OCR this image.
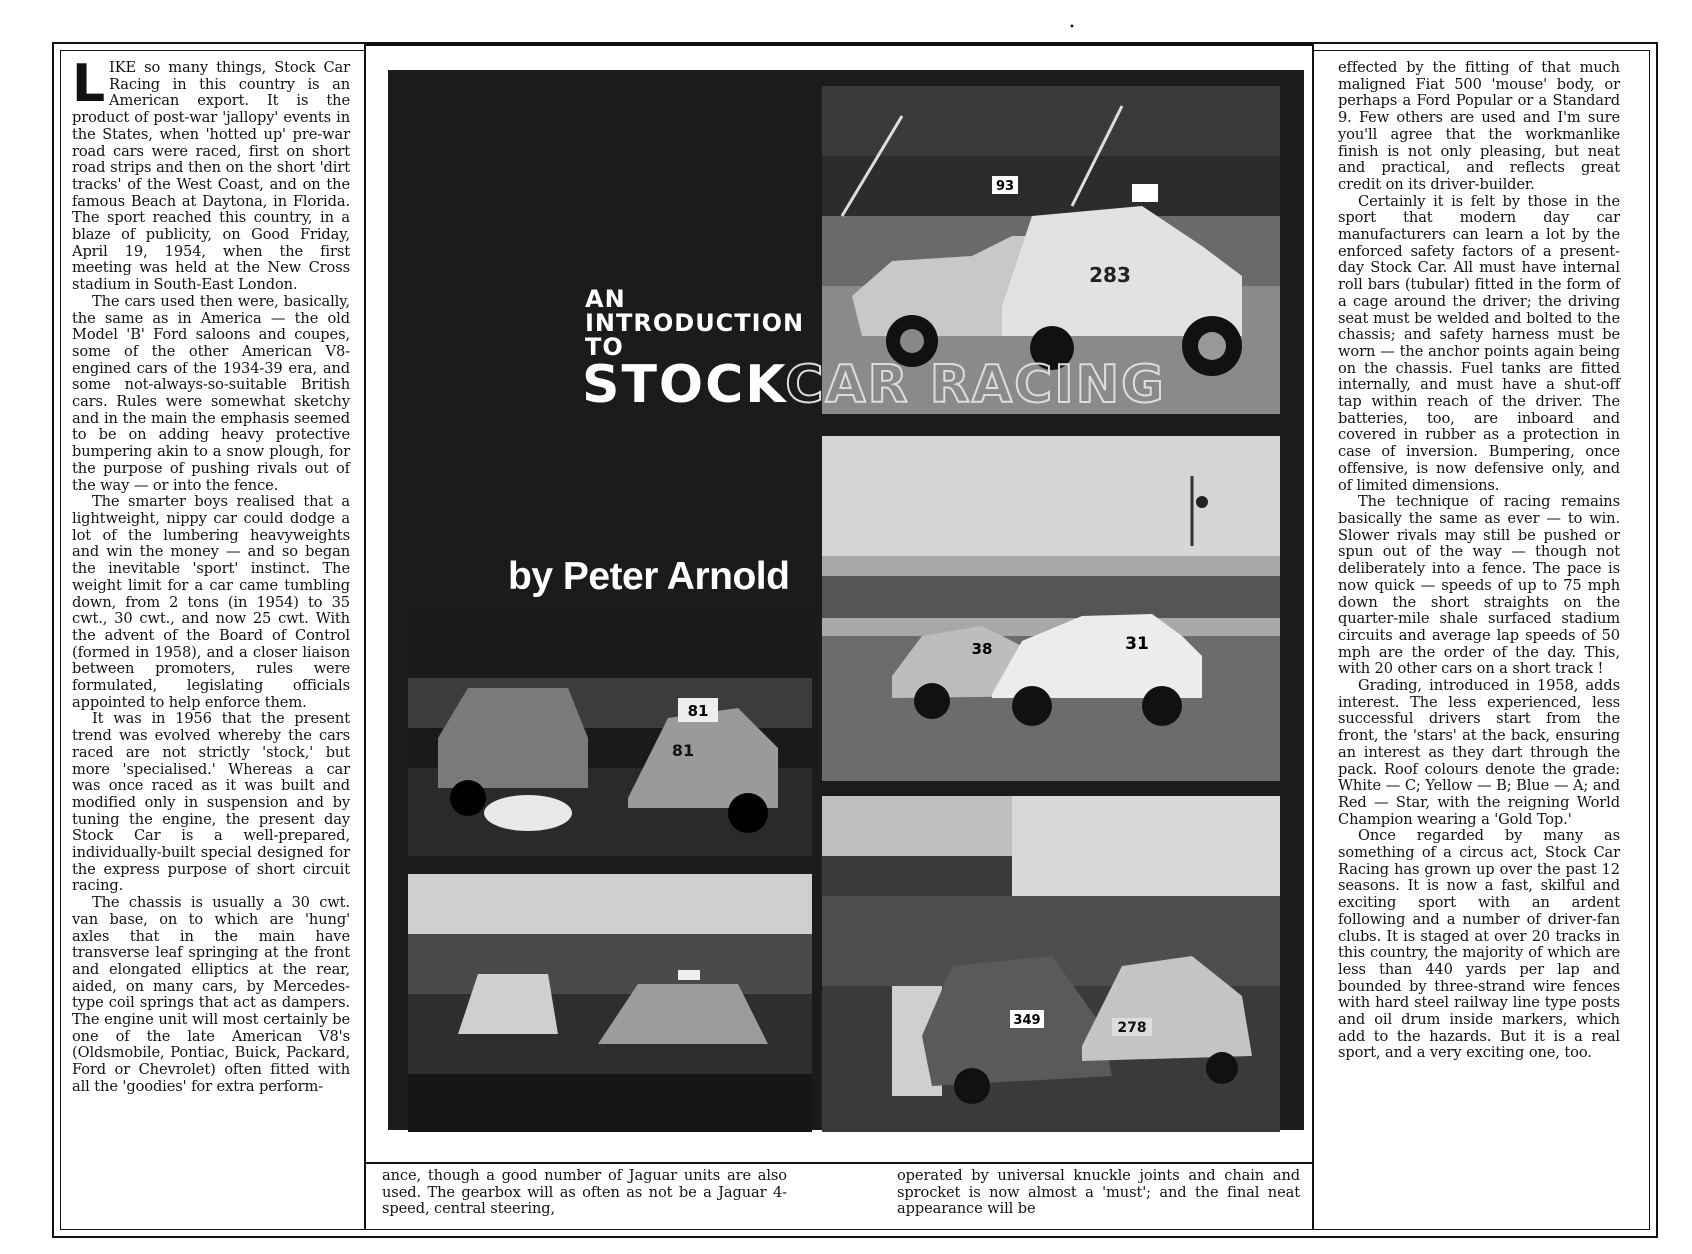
•

LIKE so many things, Stock Car Racing in this country is an American export. It is the product of post-war 'jallopy' events in the States, when 'hotted up' pre-war road cars were raced, first on short road strips and then on the short 'dirt tracks' of the West Coast, and on the famous Beach at Daytona, in Florida. The sport reached this country, in a blaze of publicity, on Good Friday, April 19, 1954, when the first meeting was held at the New Cross stadium in South-East London.

The cars used then were, basically, the same as in America — the old Model 'B' Ford saloons and coupes, some of the other American V8-engined cars of the 1934-39 era, and some not-always-so-suitable British cars. Rules were somewhat sketchy and in the main the emphasis seemed to be on adding heavy protective bumpering akin to a snow plough, for the purpose of pushing rivals out of the way — or into the fence.

The smarter boys realised that a lightweight, nippy car could dodge a lot of the lumbering heavyweights and win the money — and so began the inevitable 'sport' instinct. The weight limit for a car came tumbling down, from 2 tons (in 1954) to 35 cwt., 30 cwt., and now 25 cwt. With the advent of the Board of Control (formed in 1958), and a closer liaison between promoters, rules were formulated, legislating officials appointed to help enforce them.

It was in 1956 that the present trend was evolved whereby the cars raced are not strictly 'stock,' but more 'specialised.' Whereas a car was once raced as it was built and modified only in suspension and by tuning the engine, the present day Stock Car is a well-prepared, individually-built special designed for the express purpose of short circuit racing.

The chassis is usually a 30 cwt. van base, on to which are 'hung' axles that in the main have transverse leaf springing at the front and elongated elliptics at the rear, aided, on many cars, by Mercedes-type coil springs that act as dampers. The engine unit will most certainly be one of the late American V8's (Oldsmobile, Pontiac, Buick, Packard, Ford or Chevrolet) often fitted with all the 'goodies' for extra perform-

93
283
AN
INTRODUCTION
TO
STOCKCAR RACING
by Peter Arnold
38	31
81
81
349	278

ance, though a good number of Jaguar units are also used. The gearbox will as often as not be a Jaguar 4-speed, central steering,

operated by universal knuckle joints and chain and sprocket is now almost a 'must'; and the final neat appearance will be

effected by the fitting of that much maligned Fiat 500 'mouse' body, or perhaps a Ford Popular or a Standard 9. Few others are used and I'm sure you'll agree that the workmanlike finish is not only pleasing, but neat and practical, and reflects great credit on its driver-builder.

Certainly it is felt by those in the sport that modern day car manufacturers can learn a lot by the enforced safety factors of a present-day Stock Car. All must have internal roll bars (tubular) fitted in the form of a cage around the driver; the driving seat must be welded and bolted to the chassis; and safety harness must be worn — the anchor points again being on the chassis. Fuel tanks are fitted internally, and must have a shut-off tap within reach of the driver. The batteries, too, are inboard and covered in rubber as a protection in case of inversion. Bumpering, once offensive, is now defensive only, and of limited dimensions.

The technique of racing remains basically the same as ever — to win. Slower rivals may still be pushed or spun out of the way — though not deliberately into a fence. The pace is now quick — speeds of up to 75 mph down the short straights on the quarter-mile shale surfaced stadium circuits and average lap speeds of 50 mph are the order of the day. This, with 20 other cars on a short track !

Grading, introduced in 1958, adds interest. The less experienced, less successful drivers start from the front, the 'stars' at the back, ensuring an interest as they dart through the pack. Roof colours denote the grade: White — C; Yellow — B; Blue — A; and Red — Star, with the reigning World Champion wearing a 'Gold Top.'

Once regarded by many as something of a circus act, Stock Car Racing has grown up over the past 12 seasons. It is now a fast, skilful and exciting sport with an ardent following and a number of driver-fan clubs. It is staged at over 20 tracks in this country, the majority of which are less than 440 yards per lap and bounded by three-strand wire fences with hard steel railway line type posts and oil drum inside markers, which add to the hazards. But it is a real sport, and a very exciting one, too.
